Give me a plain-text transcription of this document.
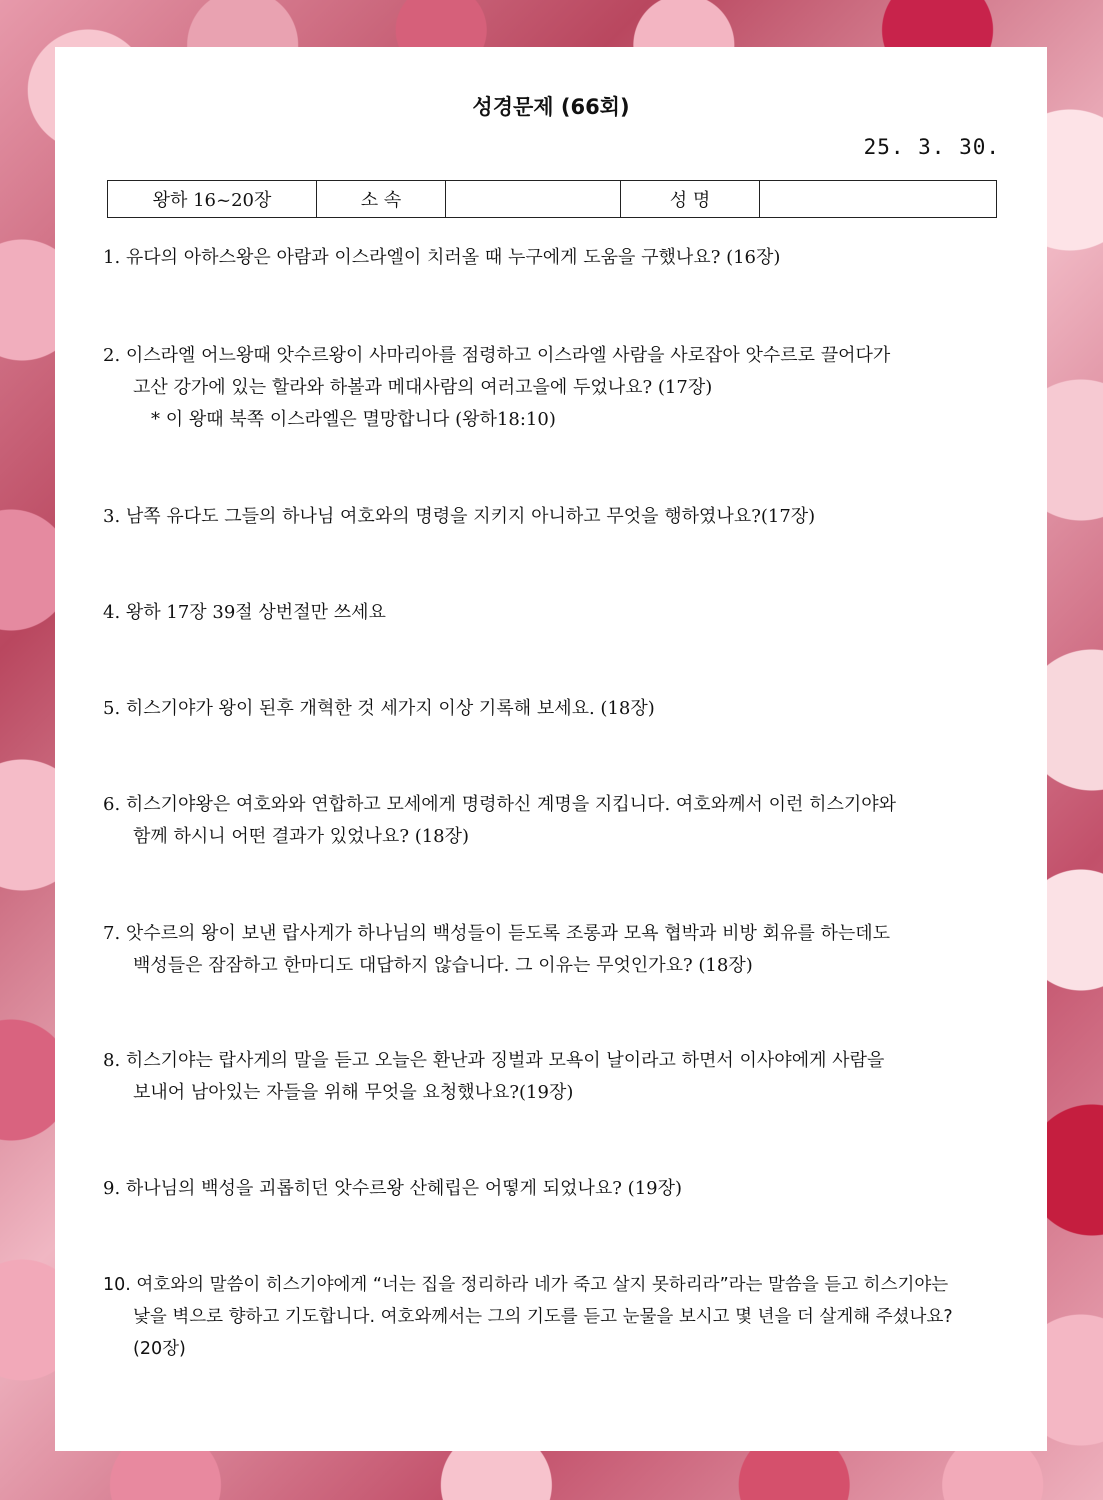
성경문제 (66회)
25. 3. 30.
왕하 16~20장	소 속		성 명	
1. 유다의 아하스왕은 아람과 이스라엘이 치러올 때 누구에게 도움을 구했나요? (16장)
2. 이스라엘 어느왕때 앗수르왕이 사마리아를 점령하고 이스라엘 사람을 사로잡아 앗수르로 끌어다가
고산 강가에 있는 할라와 하볼과 메대사람의 여러고을에 두었나요? (17장)
* 이 왕때 북쪽 이스라엘은 멸망합니다 (왕하18:10)
3. 남쪽 유다도 그들의 하나님 여호와의 명령을 지키지 아니하고 무엇을 행하였나요?(17장)
4. 왕하 17장 39절 상번절만 쓰세요
5. 히스기야가 왕이 된후 개혁한 것 세가지 이상 기록해 보세요. (18장)
6. 히스기야왕은 여호와와 연합하고 모세에게 명령하신 계명을 지킵니다. 여호와께서 이런 히스기야와
함께 하시니 어떤 결과가 있었나요? (18장)
7. 앗수르의 왕이 보낸 랍사게가 하나님의 백성들이 듣도록 조롱과 모욕 협박과 비방 회유를 하는데도
백성들은 잠잠하고 한마디도 대답하지 않습니다. 그 이유는 무엇인가요? (18장)
8. 히스기야는 랍사게의 말을 듣고 오늘은 환난과 징벌과 모욕이 날이라고 하면서 이사야에게 사람을
보내어 남아있는 자들을 위해 무엇을 요청했나요?(19장)
9. 하나님의 백성을 괴롭히던 앗수르왕 산헤립은 어떻게 되었나요? (19장)
10. 여호와의 말씀이 히스기야에게 “너는 집을 정리하라 네가 죽고 살지 못하리라”라는 말씀을 듣고 히스기야는
낯을 벽으로 향하고 기도합니다. 여호와께서는 그의 기도를 듣고 눈물을 보시고 몇 년을 더 살게해 주셨나요?
(20장)
